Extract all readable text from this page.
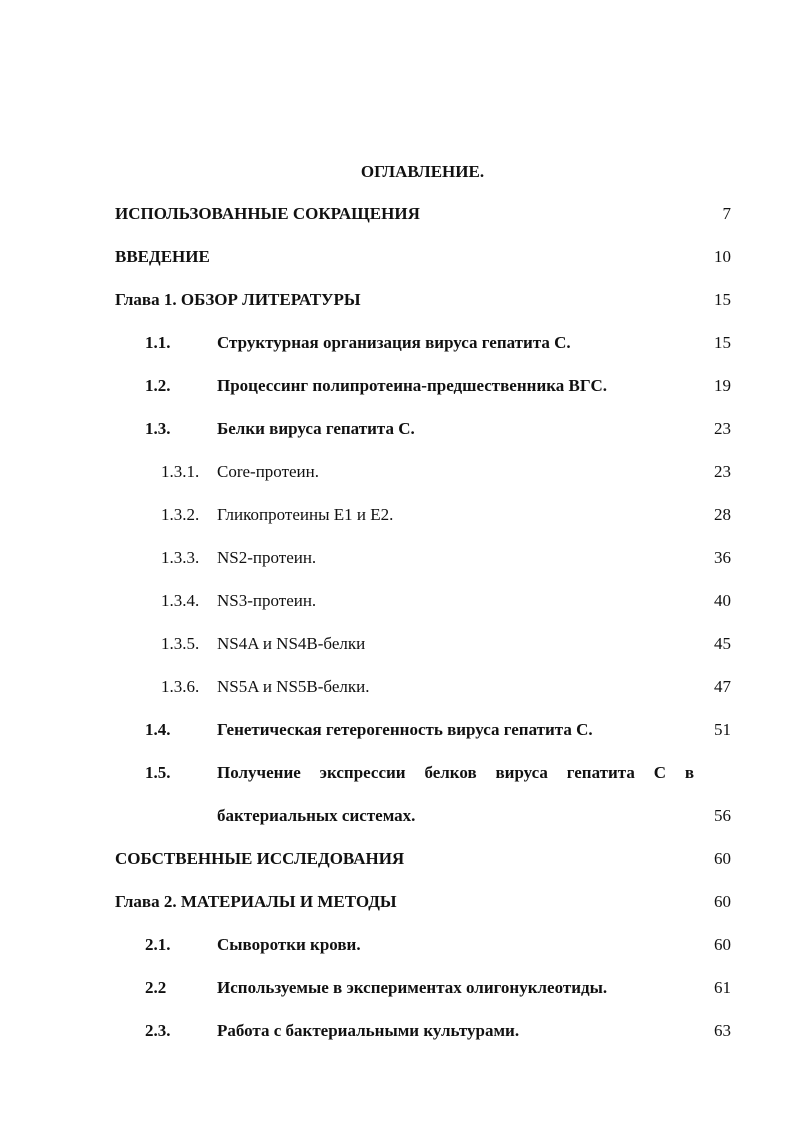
ОГЛАВЛЕНИЕ.
ИСПОЛЬЗОВАННЫЕ СОКРАЩЕНИЯ	7
ВВЕДЕНИЕ	10
Глава 1. ОБЗОР ЛИТЕРАТУРЫ	15
1.1.	Структурная организация вируса гепатита С.	15
1.2.	Процессинг полипротеина-предшественника ВГС.	19
1.3.	Белки вируса гепатита С.	23
1.3.1. Core-протеин.	23
1.3.2. Гликопротеины Е1 и Е2.	28
1.3.3. NS2-протеин.	36
1.3.4. NS3-протеин.	40
1.3.5. NS4A и NS4B-белки	45
1.3.6. NS5A и NS5B-белки.	47
1.4.	Генетическая гетерогенность вируса гепатита С.	51
1.5.	Получение экспрессии белков вируса гепатита С в
бактериальных системах.	56
СОБСТВЕННЫЕ ИССЛЕДОВАНИЯ	60
Глава 2. МАТЕРИАЛЫ И МЕТОДЫ	60
2.1.	Сыворотки крови.	60
2.2	Используемые в экспериментах олигонуклеотиды.	61
2.3.	Работа с бактериальными культурами.	63
